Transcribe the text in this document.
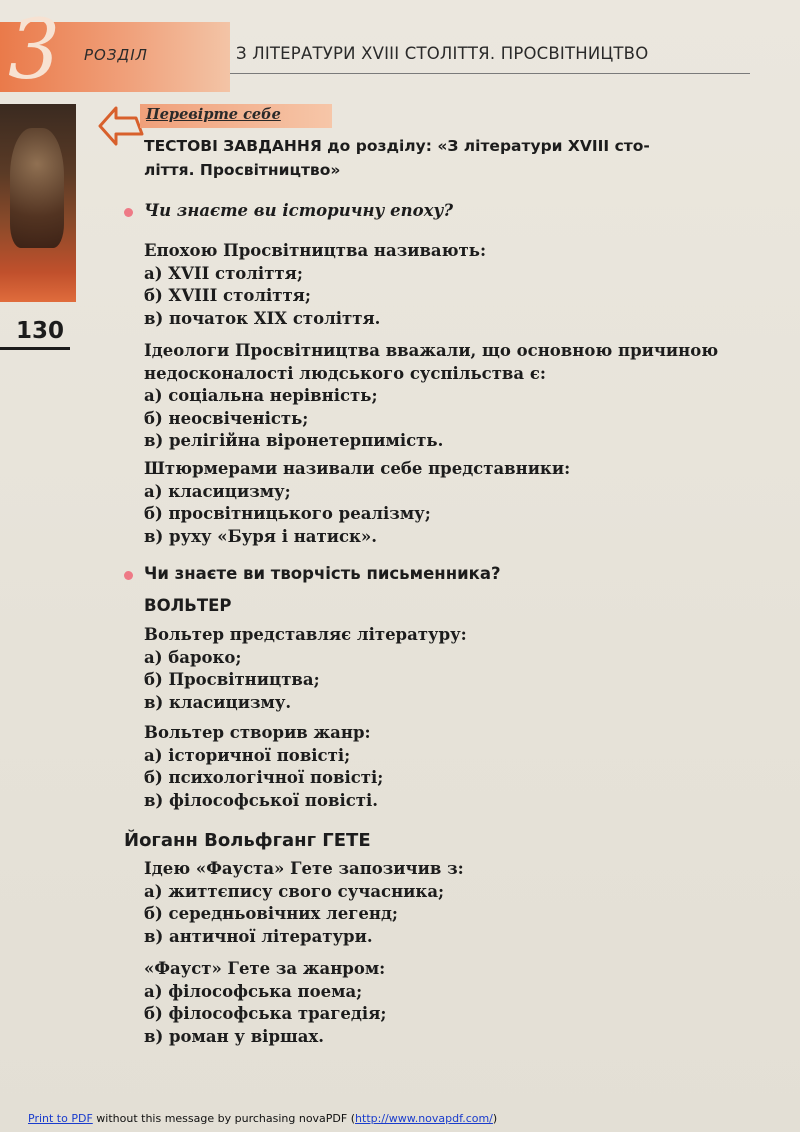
3 РОЗДІЛ	З ЛІТЕРАТУРИ XVIII СТОЛІТТЯ. ПРОСВІТНИЦТВО
130
Перевірте себе
ТЕСТОВІ ЗАВДАННЯ до розділу: «З літератури XVIII сто-
ліття. Просвітництво»
Чи знаєте ви історичну епоху?
Епохою Просвітництва називають:
а) XVII століття;
б) XVIII століття;
в) початок XIX століття.
Ідеологи Просвітництва вважали, що основною причиною
недосконалості людського суспільства є:
а) соціальна нерівність;
б) неосвіченість;
в) релігійна віронетерпимість.
Штюрмерами називали себе представники:
а) класицизму;
б) просвітницького реалізму;
в) руху «Буря і натиск».
Чи знаєте ви творчість письменника?
ВОЛЬТЕР
Вольтер представляє літературу:
а) бароко;
б) Просвітництва;
в) класицизму.
Вольтер створив жанр:
а) історичної повісті;
б) психологічної повісті;
в) філософської повісті.
Йоганн Вольфганг ГЕТЕ
Ідею «Фауста» Гете запозичив з:
а) життєпису свого сучасника;
б) середньовічних легенд;
в) античної літератури.
«Фауст» Гете за жанром:
а) філософська поема;
б) філософська трагедія;
в) роман у віршах.
Print to PDF without this message by purchasing novaPDF (http://www.novapdf.com/)
